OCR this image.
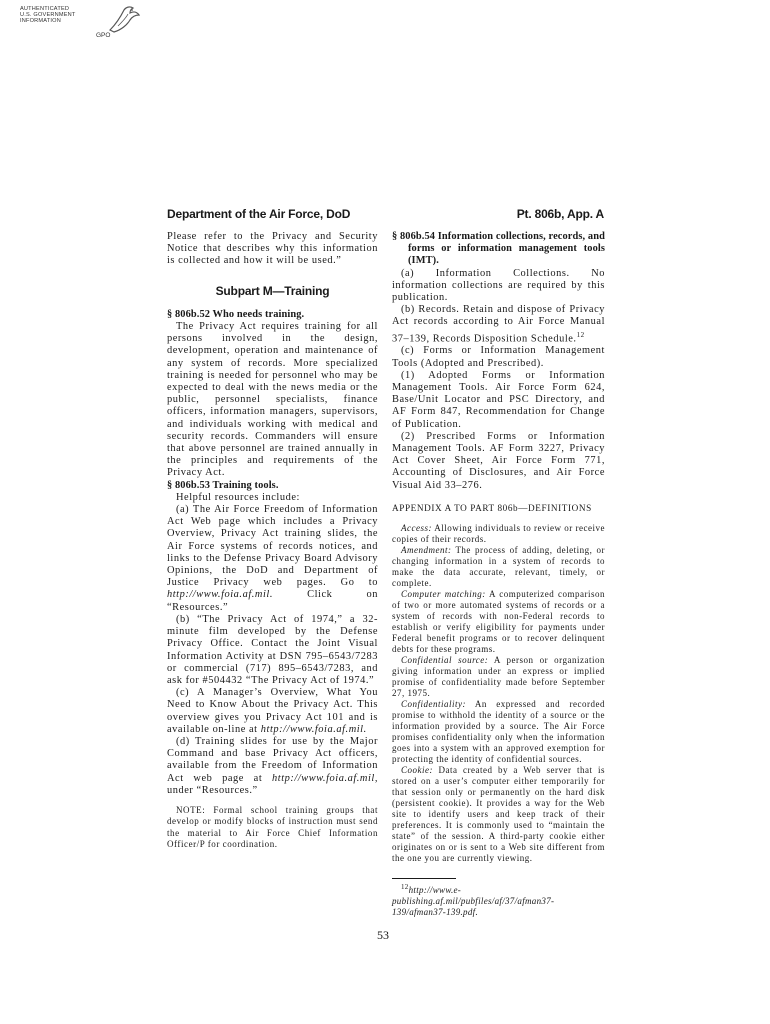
AUTHENTICATED
U.S. GOVERNMENT
INFORMATION
GPO
Department of the Air Force, DoD	Pt. 806b, App. A

Please refer to the Privacy and Security Notice that describes why this information is collected and how it will be used.”

Subpart M—Training

§ 806b.52 Who needs training.

The Privacy Act requires training for all persons involved in the design, development, operation and maintenance of any system of records. More specialized training is needed for personnel who may be expected to deal with the news media or the public, personnel specialists, finance officers, information managers, supervisors, and individuals working with medical and security records. Commanders will ensure that above personnel are trained annually in the principles and requirements of the Privacy Act.

§ 806b.53 Training tools.

Helpful resources include:

(a) The Air Force Freedom of Information Act Web page which includes a Privacy Overview, Privacy Act training slides, the Air Force systems of records notices, and links to the Defense Privacy Board Advisory Opinions, the DoD and Department of Justice Privacy web pages. Go to http://www.foia.af.mil. Click on “Resources.”

(b) “The Privacy Act of 1974,” a 32-minute film developed by the Defense Privacy Office. Contact the Joint Visual Information Activity at DSN 795–6543/7283 or commercial (717) 895–6543/7283, and ask for #504432 “The Privacy Act of 1974.”

(c) A Manager’s Overview, What You Need to Know About the Privacy Act. This overview gives you Privacy Act 101 and is available on-line at http://www.foia.af.mil.

(d) Training slides for use by the Major Command and base Privacy Act officers, available from the Freedom of Information Act web page at http://www.foia.af.mil, under “Resources.”

NOTE: Formal school training groups that develop or modify blocks of instruction must send the material to Air Force Chief Information Officer/P for coordination.

§ 806b.54 Information collections, records, and forms or information management tools (IMT).

(a) Information Collections. No information collections are required by this publication.

(b) Records. Retain and dispose of Privacy Act records according to Air Force Manual 37–139, Records Disposition Schedule.$^{12}$

(c) Forms or Information Management Tools (Adopted and Prescribed).

(1) Adopted Forms or Information Management Tools. Air Force Form 624, Base/Unit Locator and PSC Directory, and AF Form 847, Recommendation for Change of Publication.

(2) Prescribed Forms or Information Management Tools. AF Form 3227, Privacy Act Cover Sheet, Air Force Form 771, Accounting of Disclosures, and Air Force Visual Aid 33–276.

APPENDIX A TO PART 806b—DEFINITIONS

Access: Allowing individuals to review or receive copies of their records.

Amendment: The process of adding, deleting, or changing information in a system of records to make the data accurate, relevant, timely, or complete.

Computer matching: A computerized comparison of two or more automated systems of records or a system of records with non-Federal records to establish or verify eligibility for payments under Federal benefit programs or to recover delinquent debts for these programs.

Confidential source: A person or organization giving information under an express or implied promise of confidentiality made before September 27, 1975.

Confidentiality: An expressed and recorded promise to withhold the identity of a source or the information provided by a source. The Air Force promises confidentiality only when the information goes into a system with an approved exemption for protecting the identity of confidential sources.

Cookie: Data created by a Web server that is stored on a user’s computer either temporarily for that session only or permanently on the hard disk (persistent cookie). It provides a way for the Web site to identify users and keep track of their preferences. It is commonly used to “maintain the state” of the session. A third-party cookie either originates on or is sent to a Web site different from the one you are currently viewing.

$^{12}$http://www.e-publishing.af.mil/pubfiles/af/37/afman37-139/afman37-139.pdf.

53
